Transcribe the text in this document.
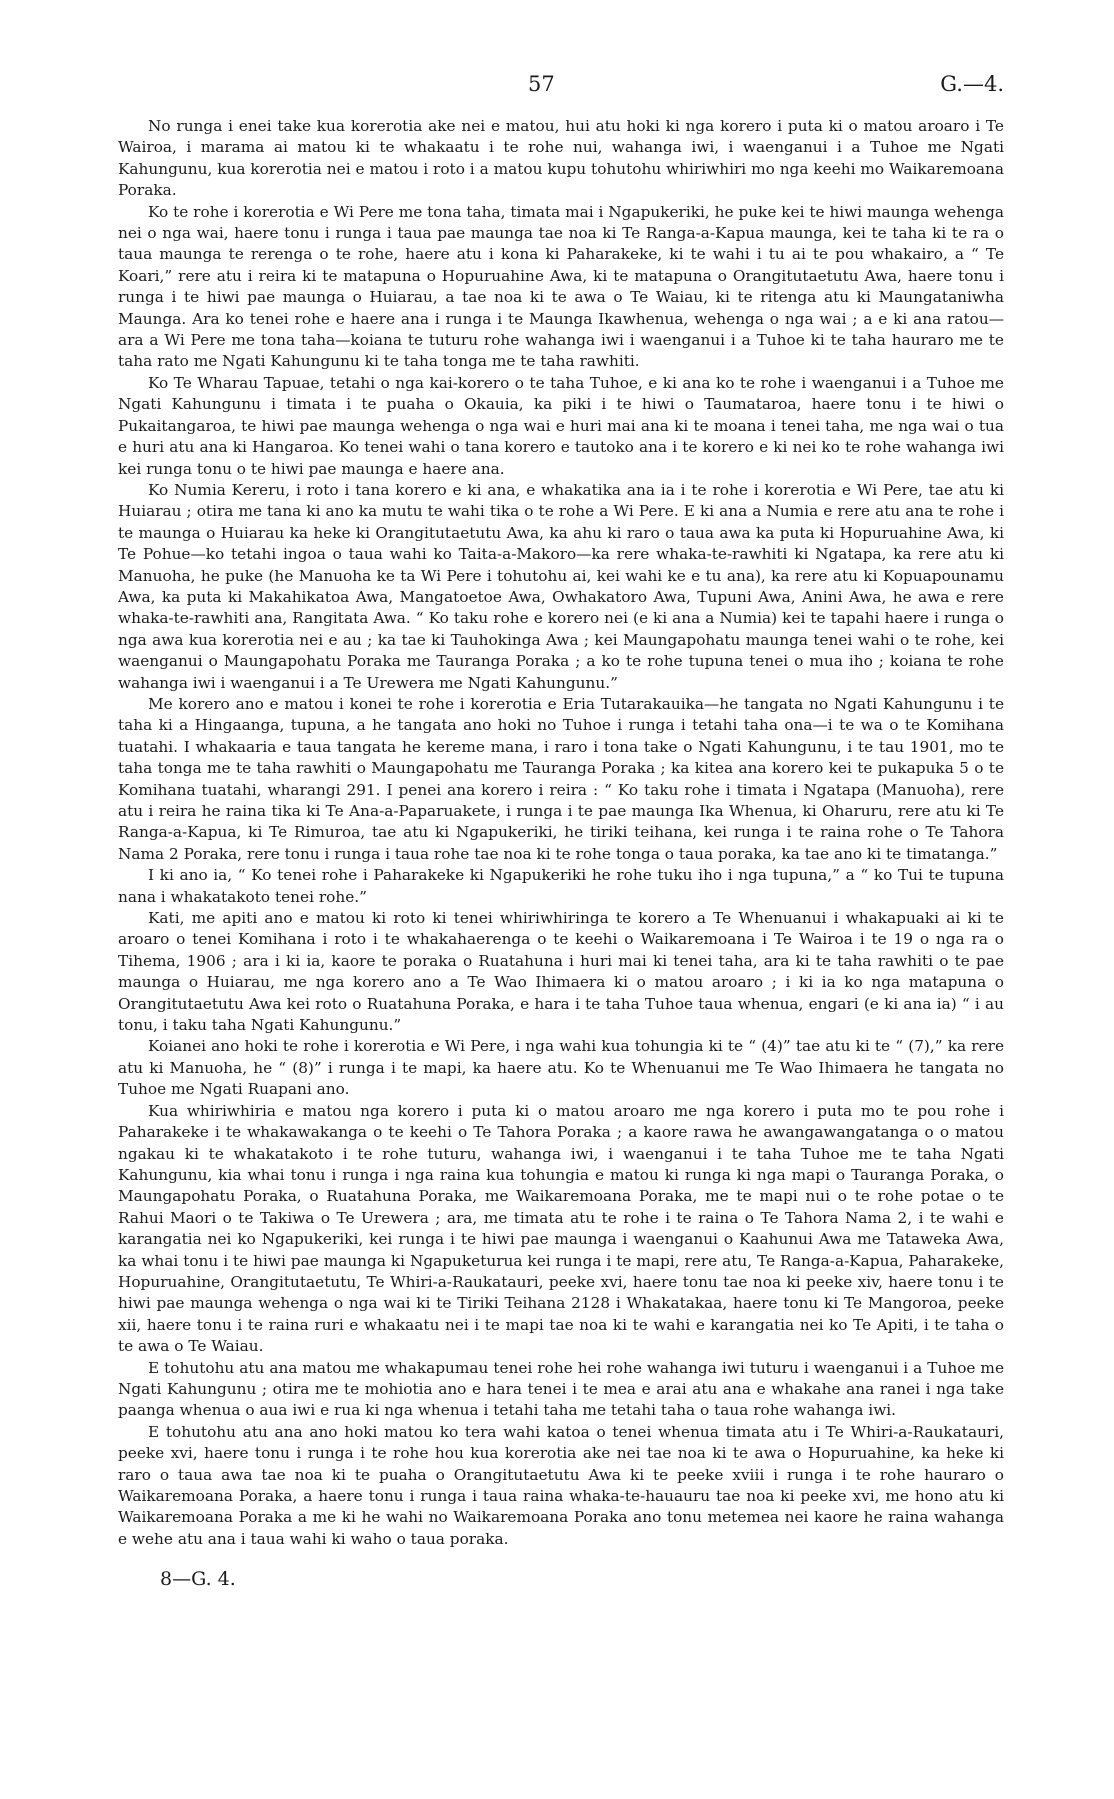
57	G.—4.

No runga i enei take kua korerotia ake nei e matou, hui atu hoki ki nga korero i puta ki o matou aroaro i Te Wairoa, i marama ai matou ki te whakaatu i te rohe nui, wahanga iwi, i waenganui i a Tuhoe me Ngati Kahungunu, kua korerotia nei e matou i roto i a matou kupu tohutohu whiriwhiri mo nga keehi mo Waikaremoana Poraka.

Ko te rohe i korerotia e Wi Pere me tona taha, timata mai i Ngapukeriki, he puke kei te hiwi maunga wehenga nei o nga wai, haere tonu i runga i taua pae maunga tae noa ki Te Ranga-a-Kapua maunga, kei te taha ki te ra o taua maunga te rerenga o te rohe, haere atu i kona ki Paharakeke, ki te wahi i tu ai te pou whakairo, a “ Te Koari,” rere atu i reira ki te matapuna o Hopuruahine Awa, ki te matapuna o Orangitutaetutu Awa, haere tonu i runga i te hiwi pae maunga o Huiarau, a tae noa ki te awa o Te Waiau, ki te ritenga atu ki Maungataniwha Maunga. Ara ko tenei rohe e haere ana i runga i te Maunga Ikawhenua, wehenga o nga wai ; a e ki ana ratou—ara a Wi Pere me tona taha—koiana te tuturu rohe wahanga iwi i waenganui i a Tuhoe ki te taha hauraro me te taha rato me Ngati Kahungunu ki te taha tonga me te taha rawhiti.

Ko Te Wharau Tapuae, tetahi o nga kai-korero o te taha Tuhoe, e ki ana ko te rohe i waenganui i a Tuhoe me Ngati Kahungunu i timata i te puaha o Okauia, ka piki i te hiwi o Taumataroa, haere tonu i te hiwi o Pukaitangaroa, te hiwi pae maunga wehenga o nga wai e huri mai ana ki te moana i tenei taha, me nga wai o tua e huri atu ana ki Hangaroa. Ko tenei wahi o tana korero e tautoko ana i te korero e ki nei ko te rohe wahanga iwi kei runga tonu o te hiwi pae maunga e haere ana.

Ko Numia Kereru, i roto i tana korero e ki ana, e whakatika ana ia i te rohe i korerotia e Wi Pere, tae atu ki Huiarau ; otira me tana ki ano ka mutu te wahi tika o te rohe a Wi Pere. E ki ana a Numia e rere atu ana te rohe i te maunga o Huiarau ka heke ki Orangitutaetutu Awa, ka ahu ki raro o taua awa ka puta ki Hopuruahine Awa, ki Te Pohue—ko tetahi ingoa o taua wahi ko Taita-a-Makoro—ka rere whaka-te-rawhiti ki Ngatapa, ka rere atu ki Manuoha, he puke (he Manuoha ke ta Wi Pere i tohutohu ai, kei wahi ke e tu ana), ka rere atu ki Kopuapounamu Awa, ka puta ki Makahikatoa Awa, Mangatoetoe Awa, Owhakatoro Awa, Tupuni Awa, Anini Awa, he awa e rere whaka-te-rawhiti ana, Rangitata Awa. “ Ko taku rohe e korero nei (e ki ana a Numia) kei te tapahi haere i runga o nga awa kua korerotia nei e au ; ka tae ki Tauhokinga Awa ; kei Maungapohatu maunga tenei wahi o te rohe, kei waenganui o Maungapohatu Poraka me Tauranga Poraka ; a ko te rohe tupuna tenei o mua iho ; koiana te rohe wahanga iwi i waenganui i a Te Urewera me Ngati Kahungunu.”

Me korero ano e matou i konei te rohe i korerotia e Eria Tutarakauika—he tangata no Ngati Kahungunu i te taha ki a Hingaanga, tupuna, a he tangata ano hoki no Tuhoe i runga i tetahi taha ona—i te wa o te Komihana tuatahi. I whakaaria e taua tangata he kereme mana, i raro i tona take o Ngati Kahungunu, i te tau 1901, mo te taha tonga me te taha rawhiti o Maungapohatu me Tauranga Poraka ; ka kitea ana korero kei te pukapuka 5 o te Komihana tuatahi, wharangi 291. I penei ana korero i reira : “ Ko taku rohe i timata i Ngatapa (Manuoha), rere atu i reira he raina tika ki Te Ana-a-Paparuakete, i runga i te pae maunga Ika Whenua, ki Oharuru, rere atu ki Te Ranga-a-Kapua, ki Te Rimuroa, tae atu ki Ngapukeriki, he tiriki teihana, kei runga i te raina rohe o Te Tahora Nama 2 Poraka, rere tonu i runga i taua rohe tae noa ki te rohe tonga o taua poraka, ka tae ano ki te timatanga.”

I ki ano ia, “ Ko tenei rohe i Paharakeke ki Ngapukeriki he rohe tuku iho i nga tupuna,” a “ ko Tui te tupuna nana i whakatakoto tenei rohe.”

Kati, me apiti ano e matou ki roto ki tenei whiriwhiringa te korero a Te Whenuanui i whakapuaki ai ki te aroaro o tenei Komihana i roto i te whakahaerenga o te keehi o Waikaremoana i Te Wairoa i te 19 o nga ra o Tihema, 1906 ; ara i ki ia, kaore te poraka o Ruatahuna i huri mai ki tenei taha, ara ki te taha rawhiti o te pae maunga o Huiarau, me nga korero ano a Te Wao Ihimaera ki o matou aroaro ; i ki ia ko nga matapuna o Orangitutaetutu Awa kei roto o Ruatahuna Poraka, e hara i te taha Tuhoe taua whenua, engari (e ki ana ia) “ i au tonu, i taku taha Ngati Kahungunu.”

Koianei ano hoki te rohe i korerotia e Wi Pere, i nga wahi kua tohungia ki te “ (4)” tae atu ki te “ (7),” ka rere atu ki Manuoha, he “ (8)” i runga i te mapi, ka haere atu. Ko te Whenuanui me Te Wao Ihimaera he tangata no Tuhoe me Ngati Ruapani ano.

Kua whiriwhiria e matou nga korero i puta ki o matou aroaro me nga korero i puta mo te pou rohe i Paharakeke i te whakawakanga o te keehi o Te Tahora Poraka ; a kaore rawa he awangawangatanga o o matou ngakau ki te whakatakoto i te rohe tuturu, wahanga iwi, i waenganui i te taha Tuhoe me te taha Ngati Kahungunu, kia whai tonu i runga i nga raina kua tohungia e matou ki runga ki nga mapi o Tauranga Poraka, o Maungapohatu Poraka, o Ruatahuna Poraka, me Waikaremoana Poraka, me te mapi nui o te rohe potae o te Rahui Maori o te Takiwa o Te Urewera ; ara, me timata atu te rohe i te raina o Te Tahora Nama 2, i te wahi e karangatia nei ko Ngapukeriki, kei runga i te hiwi pae maunga i waenganui o Kaahunui Awa me Tataweka Awa, ka whai tonu i te hiwi pae maunga ki Ngapuketurua kei runga i te mapi, rere atu, Te Ranga-a-Kapua, Paharakeke, Hopuruahine, Orangitutaetutu, Te Whiri-a-Raukatauri, peeke xvi, haere tonu tae noa ki peeke xiv, haere tonu i te hiwi pae maunga wehenga o nga wai ki te Tiriki Teihana 2128 i Whakatakaa, haere tonu ki Te Mangoroa, peeke xii, haere tonu i te raina ruri e whakaatu nei i te mapi tae noa ki te wahi e karangatia nei ko Te Apiti, i te taha o te awa o Te Waiau.

E tohutohu atu ana matou me whakapumau tenei rohe hei rohe wahanga iwi tuturu i waenganui i a Tuhoe me Ngati Kahungunu ; otira me te mohiotia ano e hara tenei i te mea e arai atu ana e whakahe ana ranei i nga take paanga whenua o aua iwi e rua ki nga whenua i tetahi taha me tetahi taha o taua rohe wahanga iwi.

E tohutohu atu ana ano hoki matou ko tera wahi katoa o tenei whenua timata atu i Te Whiri-a-Raukatauri, peeke xvi, haere tonu i runga i te rohe hou kua korerotia ake nei tae noa ki te awa o Hopuruahine, ka heke ki raro o taua awa tae noa ki te puaha o Orangitutaetutu Awa ki te peeke xviii i runga i te rohe hauraro o Waikaremoana Poraka, a haere tonu i runga i taua raina whaka-te-hauauru tae noa ki peeke xvi, me hono atu ki Waikaremoana Poraka a me ki he wahi no Waikaremoana Poraka ano tonu metemea nei kaore he raina wahanga e wehe atu ana i taua wahi ki waho o taua poraka.

8—G. 4.
